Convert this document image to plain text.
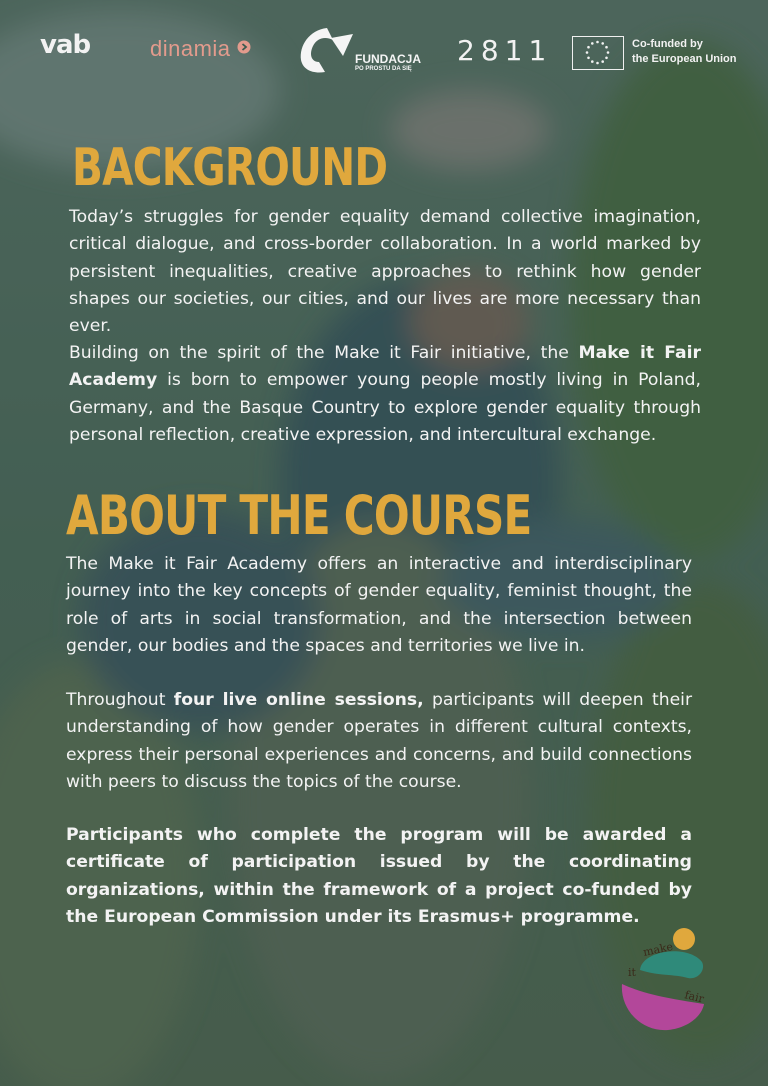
vab	dinamia	FUNDACJA
PO PROSTU DA SIĘ
2811	Co-funded by
the European Union
BACKGROUND

Today’s struggles for gender equality demand collective imagination, critical dialogue, and cross-border collaboration. In a world marked by persistent inequalities, creative approaches to rethink how gender shapes our societies, our cities, and our lives are more necessary than ever.

Building on the spirit of the Make it Fair initiative, the Make it Fair Academy is born to empower young people mostly living in Poland, Germany, and the Basque Country to explore gender equality through personal reflection, creative expression, and intercultural exchange.

ABOUT THE COURSE

The Make it Fair Academy offers an interactive and interdisciplinary journey into the key concepts of gender equality, feminist thought, the role of arts in social transformation, and the intersection between gender, our bodies and the spaces and territories we live in.

Throughout four live online sessions, participants will deepen their understanding of how gender operates in different cultural contexts, express their personal experiences and concerns, and build connections with peers to discuss the topics of the course.

Participants who complete the program will be awarded a certificate of participation issued by the coordinating organizations, within the framework of a project co-funded by the European Commission under its Erasmus+ programme.

make
it
fair
